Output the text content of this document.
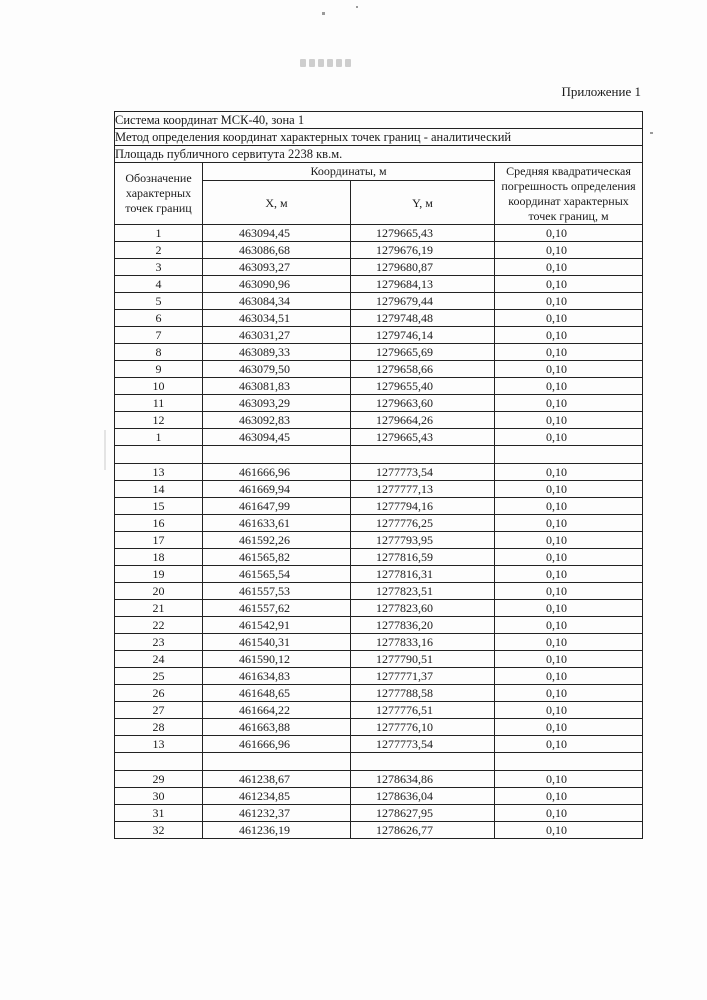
Приложение 1
Система координат МСК-40, зона 1			
Метод определения координат характерных точек границ - аналитический			
Площадь публичного сервитута 2238 кв.м.			
Обозначение характерных точек границ	Координаты, м		Средняя квадратическая погрешность определения координат характерных точек границ, м
	X, м	Y, м	
1	463094,45	1279665,43	0,10
2	463086,68	1279676,19	0,10
3	463093,27	1279680,87	0,10
4	463090,96	1279684,13	0,10
5	463084,34	1279679,44	0,10
6	463034,51	1279748,48	0,10
7	463031,27	1279746,14	0,10
8	463089,33	1279665,69	0,10
9	463079,50	1279658,66	0,10
10	463081,83	1279655,40	0,10
11	463093,29	1279663,60	0,10
12	463092,83	1279664,26	0,10
1	463094,45	1279665,43	0,10

13	461666,96	1277773,54	0,10
14	461669,94	1277777,13	0,10
15	461647,99	1277794,16	0,10
16	461633,61	1277776,25	0,10
17	461592,26	1277793,95	0,10
18	461565,82	1277816,59	0,10
19	461565,54	1277816,31	0,10
20	461557,53	1277823,51	0,10
21	461557,62	1277823,60	0,10
22	461542,91	1277836,20	0,10
23	461540,31	1277833,16	0,10
24	461590,12	1277790,51	0,10
25	461634,83	1277771,37	0,10
26	461648,65	1277788,58	0,10
27	461664,22	1277776,51	0,10
28	461663,88	1277776,10	0,10
13	461666,96	1277773,54	0,10

29	461238,67	1278634,86	0,10
30	461234,85	1278636,04	0,10
31	461232,37	1278627,95	0,10
32	461236,19	1278626,77	0,10
